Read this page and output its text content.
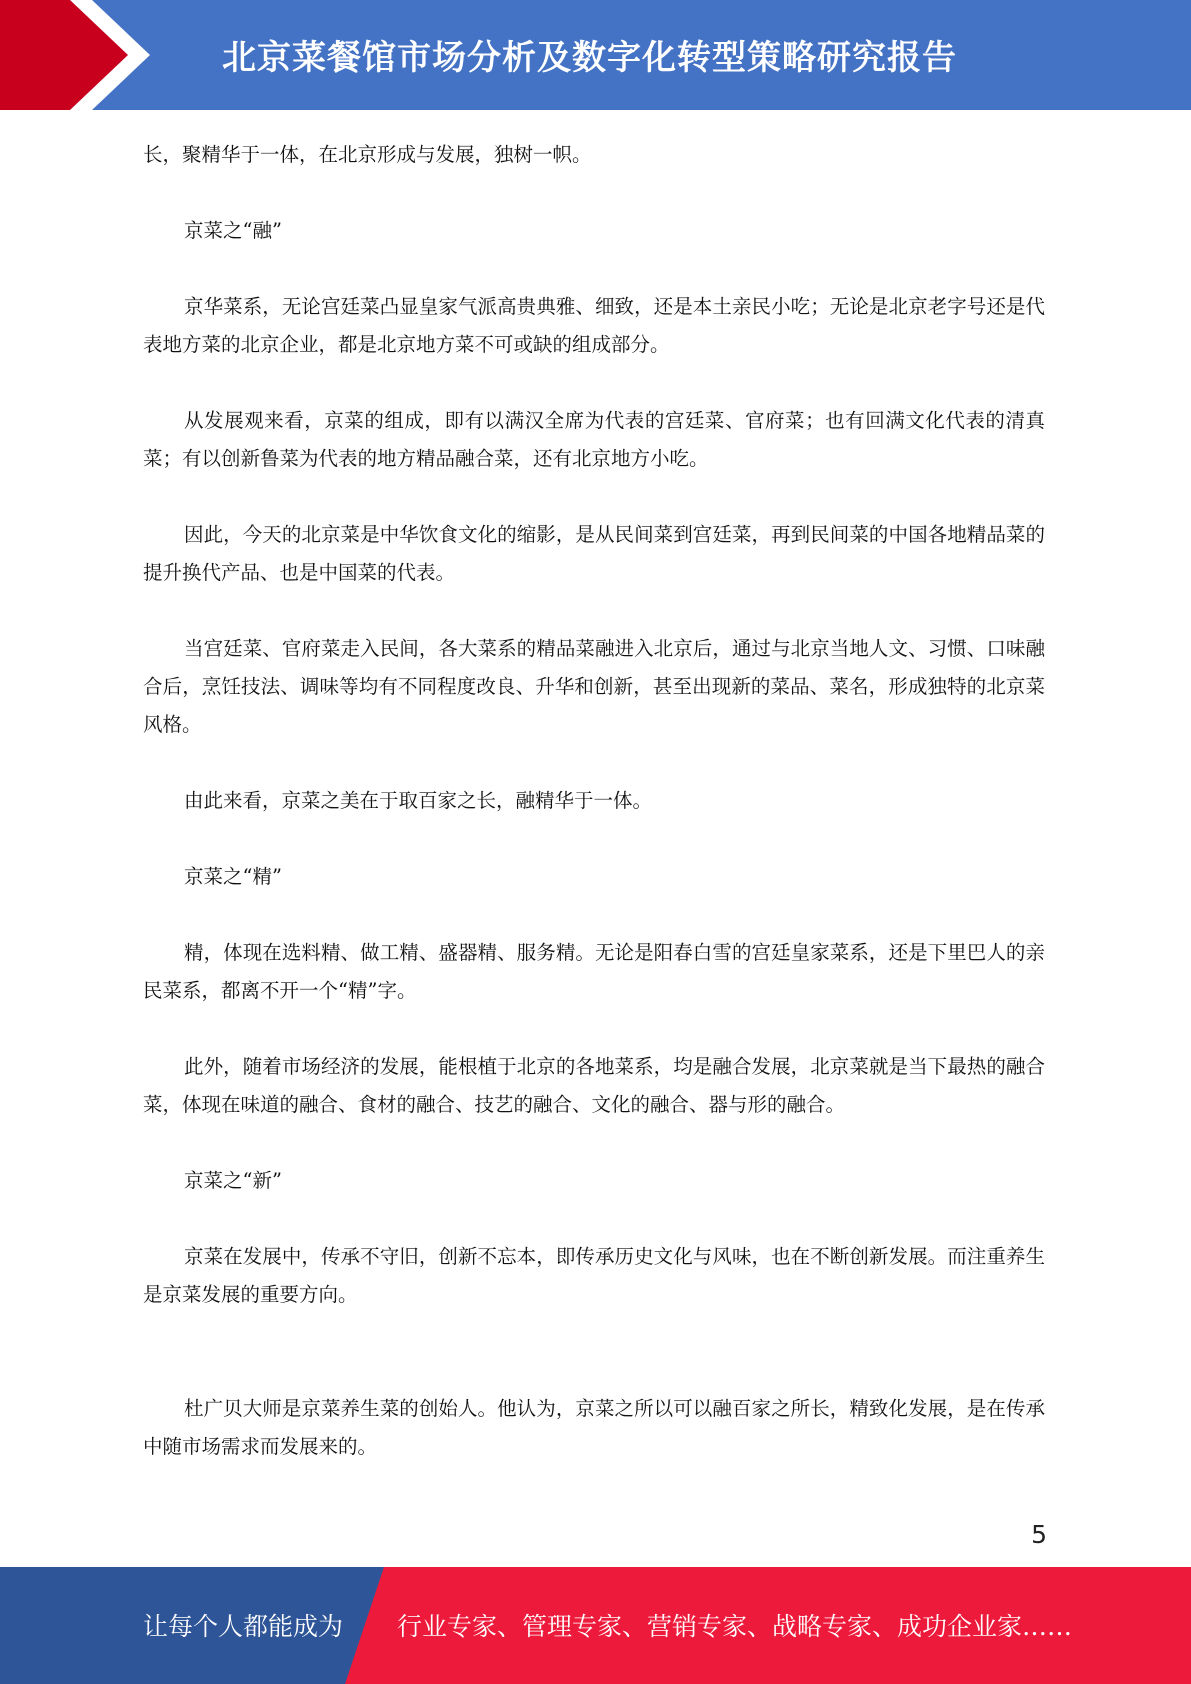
北京菜餐馆市场分析及数字化转型策略研究报告

长，聚精华于一体，在北京形成与发展，独树一帜。

京菜之“融”

京华菜系，无论宫廷菜凸显皇家气派高贵典雅、细致，还是本土亲民小吃；无论是北京老字号还是代表地方菜的北京企业，都是北京地方菜不可或缺的组成部分。

从发展观来看，京菜的组成，即有以满汉全席为代表的宫廷菜、官府菜；也有回满文化代表的清真菜；有以创新鲁菜为代表的地方精品融合菜，还有北京地方小吃。

因此，今天的北京菜是中华饮食文化的缩影，是从民间菜到宫廷菜，再到民间菜的中国各地精品菜的提升换代产品、也是中国菜的代表。

当宫廷菜、官府菜走入民间，各大菜系的精品菜融进入北京后，通过与北京当地人文、习惯、口味融合后，烹饪技法、调味等均有不同程度改良、升华和创新，甚至出现新的菜品、菜名，形成独特的北京菜风格。

由此来看，京菜之美在于取百家之长，融精华于一体。

京菜之“精”

精，体现在选料精、做工精、盛器精、服务精。无论是阳春白雪的宫廷皇家菜系，还是下里巴人的亲民菜系，都离不开一个“精”字。

此外，随着市场经济的发展，能根植于北京的各地菜系，均是融合发展，北京菜就是当下最热的融合菜，体现在味道的融合、食材的融合、技艺的融合、文化的融合、器与形的融合。

京菜之“新”

京菜在发展中，传承不守旧，创新不忘本，即传承历史文化与风味，也在不断创新发展。而注重养生是京菜发展的重要方向。

杜广贝大师是京菜养生菜的创始人。他认为，京菜之所以可以融百家之所长，精致化发展，是在传承中随市场需求而发展来的。

5
让每个人都能成为 行业专家、管理专家、营销专家、战略专家、成功企业家……
